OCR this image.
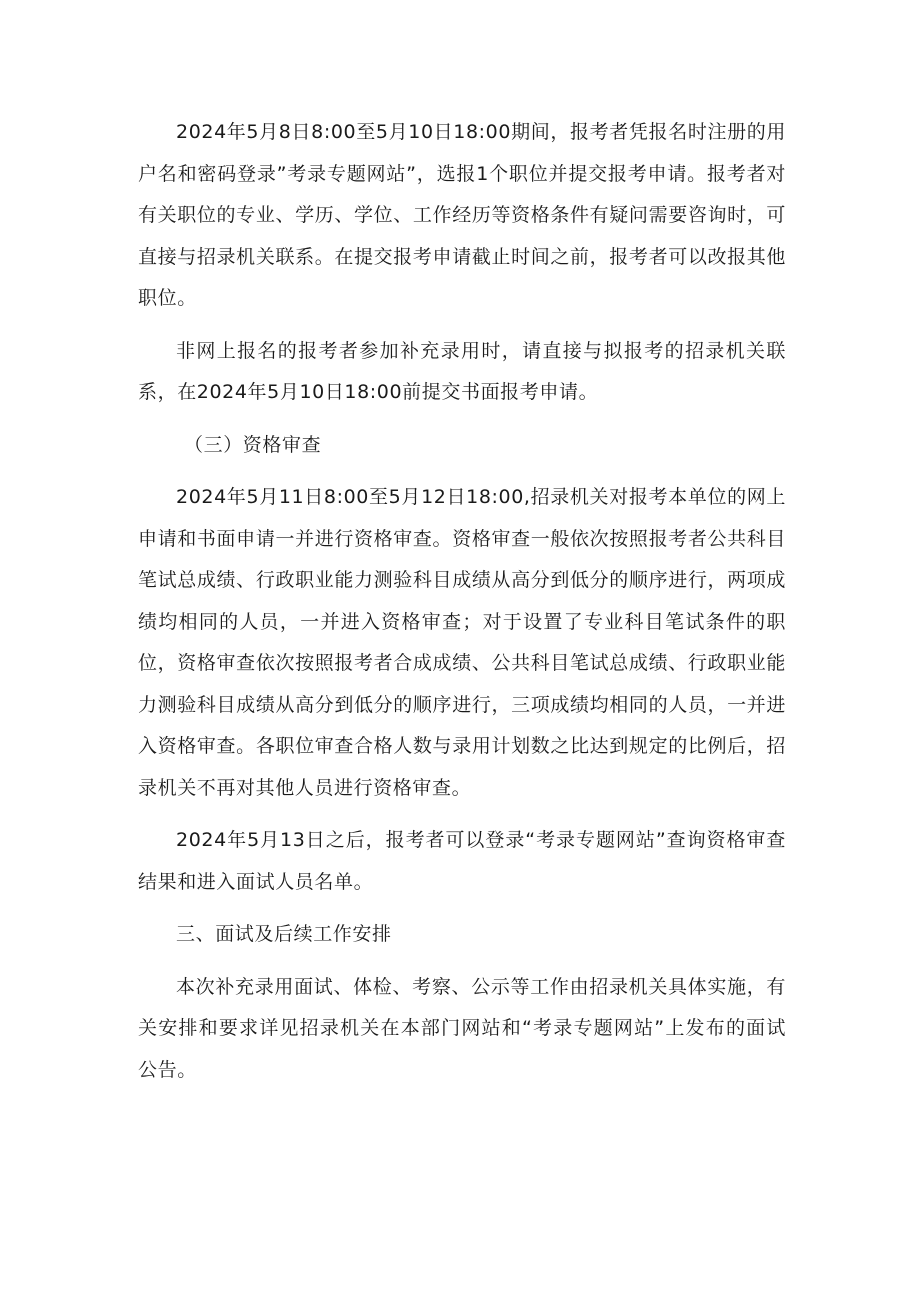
2024年5月8日8:00至5月10日18:00期间，报考者凭报名时注册的用户名和密码登录”考录专题网站”，选报1个职位并提交报考申请。报考者对有关职位的专业、学历、学位、工作经历等资格条件有疑问需要咨询时，可直接与招录机关联系。在提交报考申请截止时间之前，报考者可以改报其他职位。

非网上报名的报考者参加补充录用时，请直接与拟报考的招录机关联系，在2024年5月10日18:00前提交书面报考申请。

（三）资格审查

2024年5月11日8:00至5月12日18:00,招录机关对报考本单位的网上申请和书面申请一并进行资格审查。资格审查一般依次按照报考者公共科目笔试总成绩、行政职业能力测验科目成绩从高分到低分的顺序进行，两项成绩均相同的人员，一并进入资格审查；对于设置了专业科目笔试条件的职位，资格审查依次按照报考者合成成绩、公共科目笔试总成绩、行政职业能力测验科目成绩从高分到低分的顺序进行，三项成绩均相同的人员，一并进入资格审查。各职位审查合格人数与录用计划数之比达到规定的比例后，招录机关不再对其他人员进行资格审查。

2024年5月13日之后，报考者可以登录“考录专题网站”查询资格审查结果和进入面试人员名单。

三、面试及后续工作安排

本次补充录用面试、体检、考察、公示等工作由招录机关具体实施，有关安排和要求详见招录机关在本部门网站和“考录专题网站”上发布的面试公告。
